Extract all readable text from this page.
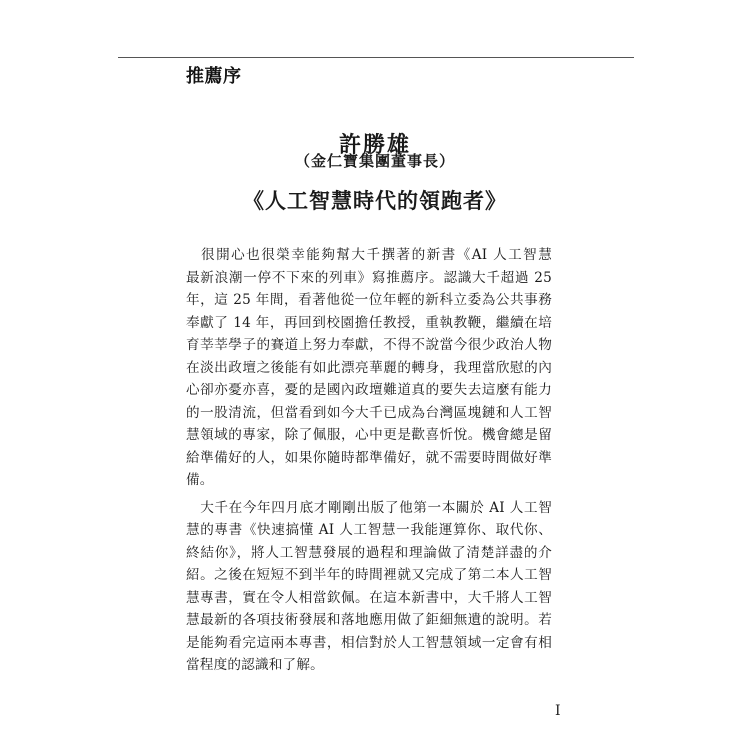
推薦序
許勝雄
（金仁寶集團董事長）
《人工智慧時代的領跑者》
　很開心也很榮幸能夠幫大千撰著的新書《AI 人工智慧
最新浪潮一停不下來的列車》寫推薦序。認識大千超過 25
年，這 25 年間，看著他從一位年輕的新科立委為公共事務
奉獻了 14 年，再回到校園擔任教授，重執教鞭，繼續在培
育莘莘學子的賽道上努力奉獻，不得不說當今很少政治人物
在淡出政壇之後能有如此漂亮華麗的轉身，我理當欣慰的內
心卻亦憂亦喜，憂的是國內政壇難道真的要失去這麼有能力
的一股清流，但當看到如今大千已成為台灣區塊鏈和人工智
慧領域的專家，除了佩服，心中更是歡喜忻悅。機會總是留
給準備好的人，如果你隨時都準備好，就不需要時間做好準
備。
　大千在今年四月底才剛剛出版了他第一本關於 AI 人工智
慧的專書《快速搞懂 AI 人工智慧一我能運算你、取代你、
終結你》，將人工智慧發展的過程和理論做了清楚詳盡的介
紹。之後在短短不到半年的時間裡就又完成了第二本人工智
慧專書，實在令人相當欽佩。在這本新書中，大千將人工智
慧最新的各項技術發展和落地應用做了鉅細無遺的說明。若
是能夠看完這兩本專書，相信對於人工智慧領域一定會有相
當程度的認識和了解。
I
